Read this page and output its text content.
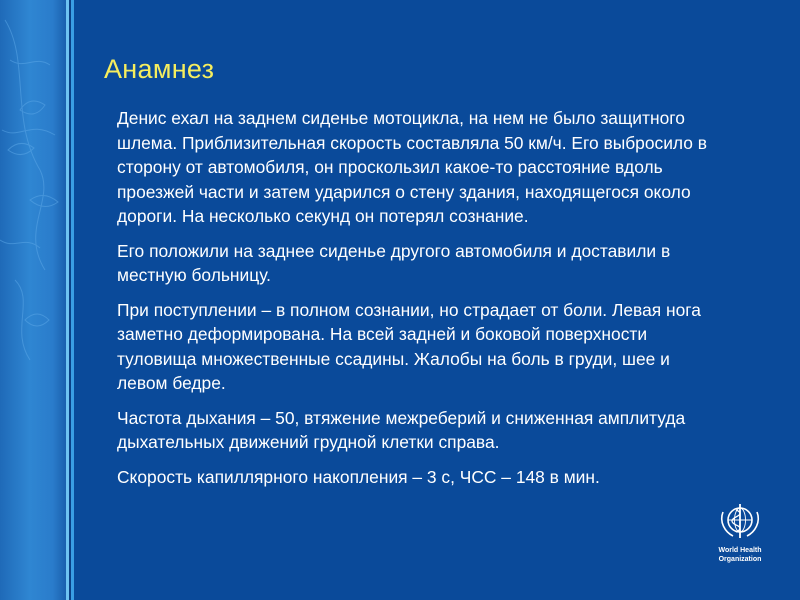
Анамнез

Денис ехал на заднем сиденье мотоцикла, на нем не было защитного шлема. Приблизительная скорость составляла 50 км/ч. Его выбросило в сторону от автомобиля, он проскользил какое-то расстояние вдоль проезжей части и затем ударился о стену здания, находящегося около дороги. На несколько секунд он потерял сознание.

Его положили на заднее сиденье другого автомобиля и доставили в местную больницу.

При поступлении – в полном сознании, но страдает от боли. Левая нога заметно деформирована. На всей задней и боковой поверхности туловища множественные ссадины. Жалобы на боль в груди, шее и левом бедре.

Частота дыхания – 50, втяжение межреберий и сниженная амплитуда дыхательных движений грудной клетки справа.

Скорость капиллярного накопления – 3 с, ЧСС – 148 в мин.

World Health
Organization
